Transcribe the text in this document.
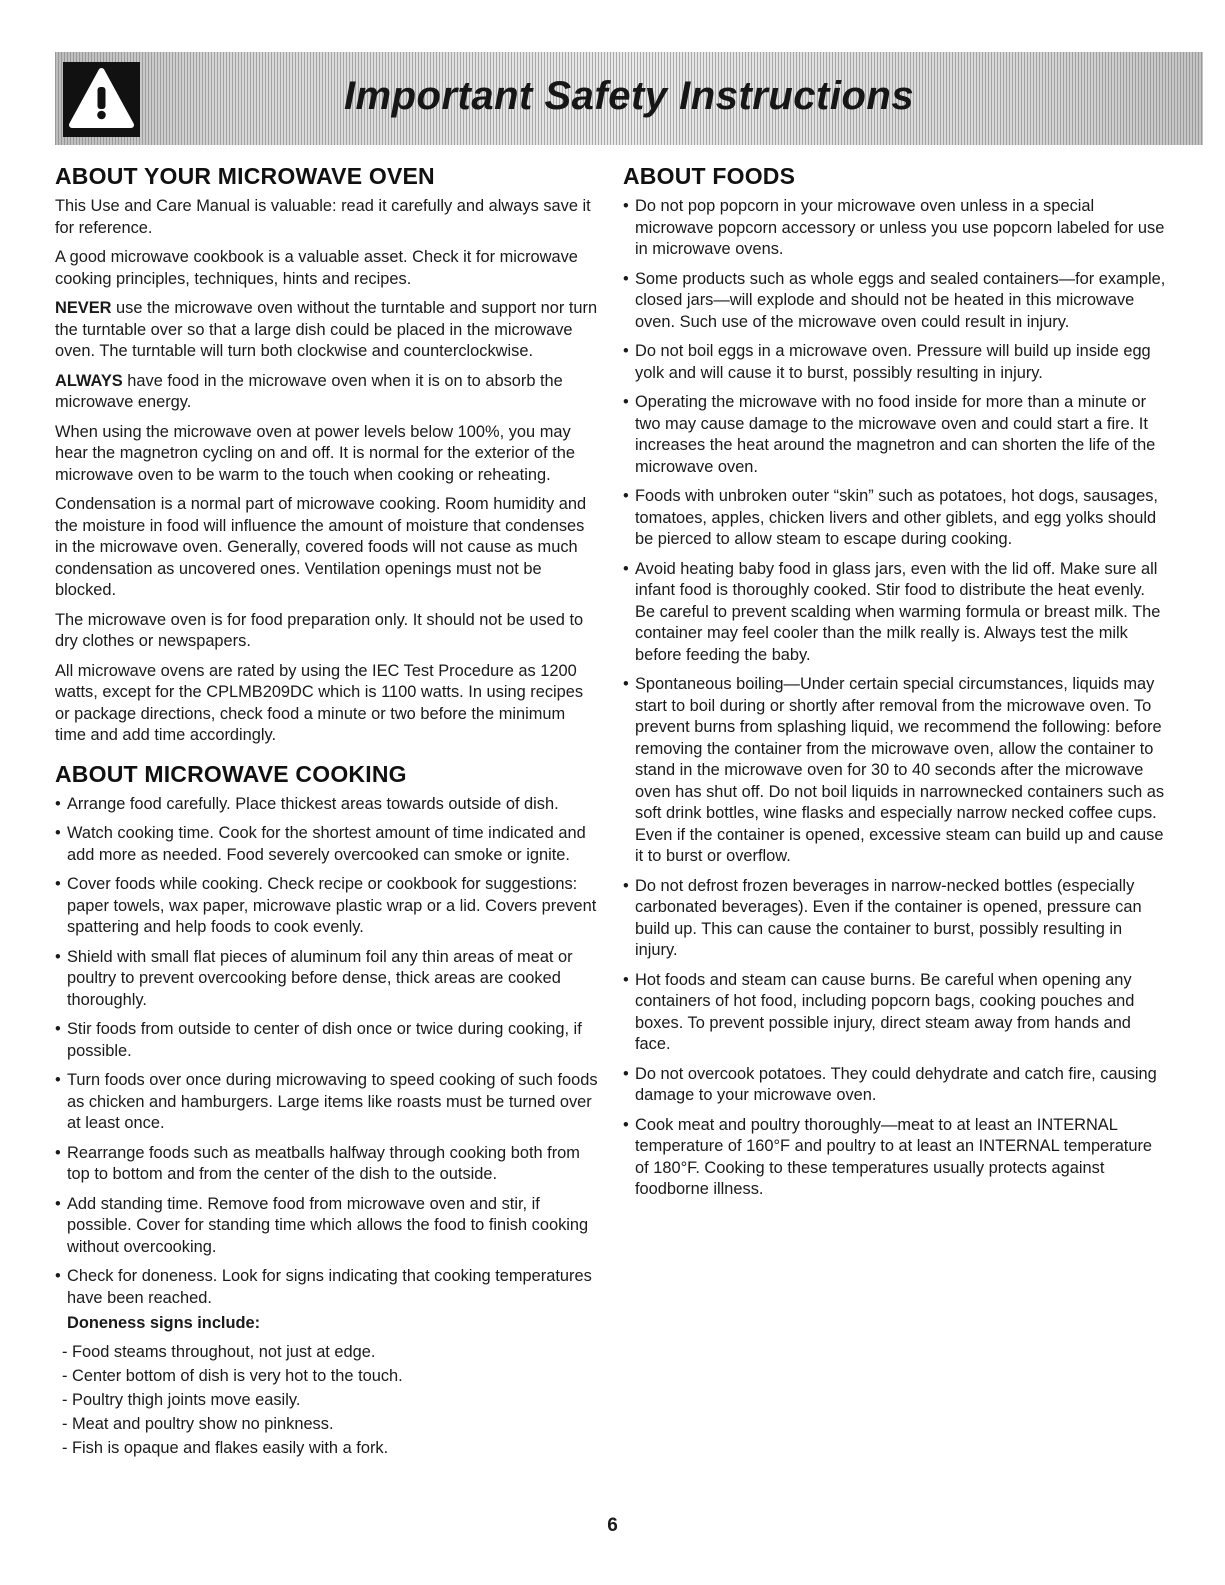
Important Safety Instructions
ABOUT YOUR MICROWAVE OVEN

This Use and Care Manual is valuable: read it carefully and always save it for reference.

A good microwave cookbook is a valuable asset. Check it for microwave cooking principles, techniques, hints and recipes.

NEVER use the microwave oven without the turntable and support nor turn the turntable over so that a large dish could be placed in the microwave oven. The turntable will turn both clockwise and counterclockwise.

ALWAYS have food in the microwave oven when it is on to absorb the microwave energy.

When using the microwave oven at power levels below 100%, you may hear the magnetron cycling on and off. It is normal for the exterior of the microwave oven to be warm to the touch when cooking or reheating.

Condensation is a normal part of microwave cooking. Room humidity and the moisture in food will influence the amount of moisture that condenses in the microwave oven. Generally, covered foods will not cause as much condensation as uncovered ones. Ventilation openings must not be blocked.

The microwave oven is for food preparation only. It should not be used to dry clothes or newspapers.

All microwave ovens are rated by using the IEC Test Procedure as 1200 watts, except for the CPLMB209DC which is 1100 watts. In using recipes or package directions, check food a minute or two before the minimum time and add time accordingly.

ABOUT MICROWAVE COOKING
• Arrange food carefully. Place thickest areas towards outside of dish.
• Watch cooking time. Cook for the shortest amount of time indicated and add more as needed. Food severely overcooked can smoke or ignite.
• Cover foods while cooking. Check recipe or cookbook for suggestions: paper towels, wax paper, microwave plastic wrap or a lid. Covers prevent spattering and help foods to cook evenly.
• Shield with small flat pieces of aluminum foil any thin areas of meat or poultry to prevent overcooking before dense, thick areas are cooked thoroughly.
• Stir foods from outside to center of dish once or twice during cooking, if possible.
• Turn foods over once during microwaving to speed cooking of such foods as chicken and hamburgers. Large items like roasts must be turned over at least once.
• Rearrange foods such as meatballs halfway through cooking both from top to bottom and from the center of the dish to the outside.
• Add standing time. Remove food from microwave oven and stir, if possible. Cover for standing time which allows the food to finish cooking without overcooking.
• Check for doneness. Look for signs indicating that cooking temperatures have been reached.
Doneness signs include:
- Food steams throughout, not just at edge.
- Center bottom of dish is very hot to the touch.
- Poultry thigh joints move easily.
- Meat and poultry show no pinkness.
- Fish is opaque and flakes easily with a fork.
ABOUT FOODS
• Do not pop popcorn in your microwave oven unless in a special microwave popcorn accessory or unless you use popcorn labeled for use in microwave ovens.
• Some products such as whole eggs and sealed containers—for example, closed jars—will explode and should not be heated in this microwave oven. Such use of the microwave oven could result in injury.
• Do not boil eggs in a microwave oven. Pressure will build up inside egg yolk and will cause it to burst, possibly resulting in injury.
• Operating the microwave with no food inside for more than a minute or two may cause damage to the microwave oven and could start a fire. It increases the heat around the magnetron and can shorten the life of the microwave oven.
• Foods with unbroken outer “skin” such as potatoes, hot dogs, sausages, tomatoes, apples, chicken livers and other giblets, and egg yolks should be pierced to allow steam to escape during cooking.
• Avoid heating baby food in glass jars, even with the lid off. Make sure all infant food is thoroughly cooked. Stir food to distribute the heat evenly. Be careful to prevent scalding when warming formula or breast milk. The container may feel cooler than the milk really is. Always test the milk before feeding the baby.
• Spontaneous boiling—Under certain special circumstances, liquids may start to boil during or shortly after removal from the microwave oven. To prevent burns from splashing liquid, we recommend the following: before removing the container from the microwave oven, allow the container to stand in the microwave oven for 30 to 40 seconds after the microwave oven has shut off. Do not boil liquids in narrownecked containers such as soft drink bottles, wine flasks and especially narrow necked coffee cups. Even if the container is opened, excessive steam can build up and cause it to burst or overflow.
• Do not defrost frozen beverages in narrow-necked bottles (especially carbonated beverages). Even if the container is opened, pressure can build up. This can cause the container to burst, possibly resulting in injury.
• Hot foods and steam can cause burns. Be careful when opening any containers of hot food, including popcorn bags, cooking pouches and boxes. To prevent possible injury, direct steam away from hands and face.
• Do not overcook potatoes. They could dehydrate and catch fire, causing damage to your microwave oven.
• Cook meat and poultry thoroughly—meat to at least an INTERNAL temperature of 160°F and poultry to at least an INTERNAL temperature of 180°F. Cooking to these temperatures usually protects against foodborne illness.
6
